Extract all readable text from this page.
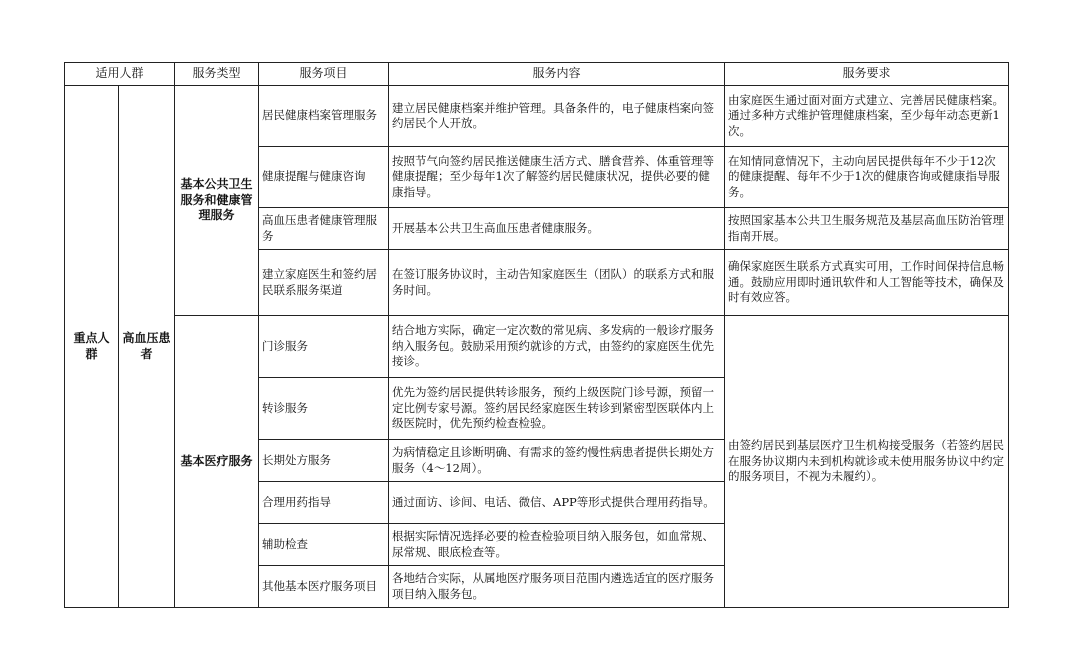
适用人群		服务类型	服务项目	服务内容	服务要求
重点人群	高血压患者	基本公共卫生服务和健康管理服务	居民健康档案管理服务	建立居民健康档案并维护管理。具备条件的，电子健康档案向签约居民个人开放。	由家庭医生通过面对面方式建立、完善居民健康档案。通过多种方式维护管理健康档案，至少每年动态更新1次。
			健康提醒与健康咨询	按照节气向签约居民推送健康生活方式、膳食营养、体重管理等健康提醒；至少每年1次了解签约居民健康状况，提供必要的健康指导。	在知情同意情况下，主动向居民提供每年不少于12次的健康提醒、每年不少于1次的健康咨询或健康指导服务。
			高血压患者健康管理服务	开展基本公共卫生高血压患者健康服务。	按照国家基本公共卫生服务规范及基层高血压防治管理指南开展。
			建立家庭医生和签约居民联系服务渠道	在签订服务协议时，主动告知家庭医生（团队）的联系方式和服务时间。	确保家庭医生联系方式真实可用，工作时间保持信息畅通。鼓励应用即时通讯软件和人工智能等技术，确保及时有效应答。
		基本医疗服务	门诊服务	结合地方实际，确定一定次数的常见病、多发病的一般诊疗服务纳入服务包。鼓励采用预约就诊的方式，由签约的家庭医生优先接诊。	由签约居民到基层医疗卫生机构接受服务（若签约居民在服务协议期内未到机构就诊或未使用服务协议中约定的服务项目，不视为未履约）。
			转诊服务	优先为签约居民提供转诊服务，预约上级医院门诊号源，预留一定比例专家号源。签约居民经家庭医生转诊到紧密型医联体内上级医院时，优先预约检查检验。	
			长期处方服务	为病情稳定且诊断明确、有需求的签约慢性病患者提供长期处方服务（4～12周）。	
			合理用药指导	通过面访、诊间、电话、微信、APP等形式提供合理用药指导。	
			辅助检查	根据实际情况选择必要的检查检验项目纳入服务包，如血常规、尿常规、眼底检查等。	
			其他基本医疗服务项目	各地结合实际，从属地医疗服务项目范围内遴选适宜的医疗服务项目纳入服务包。	
